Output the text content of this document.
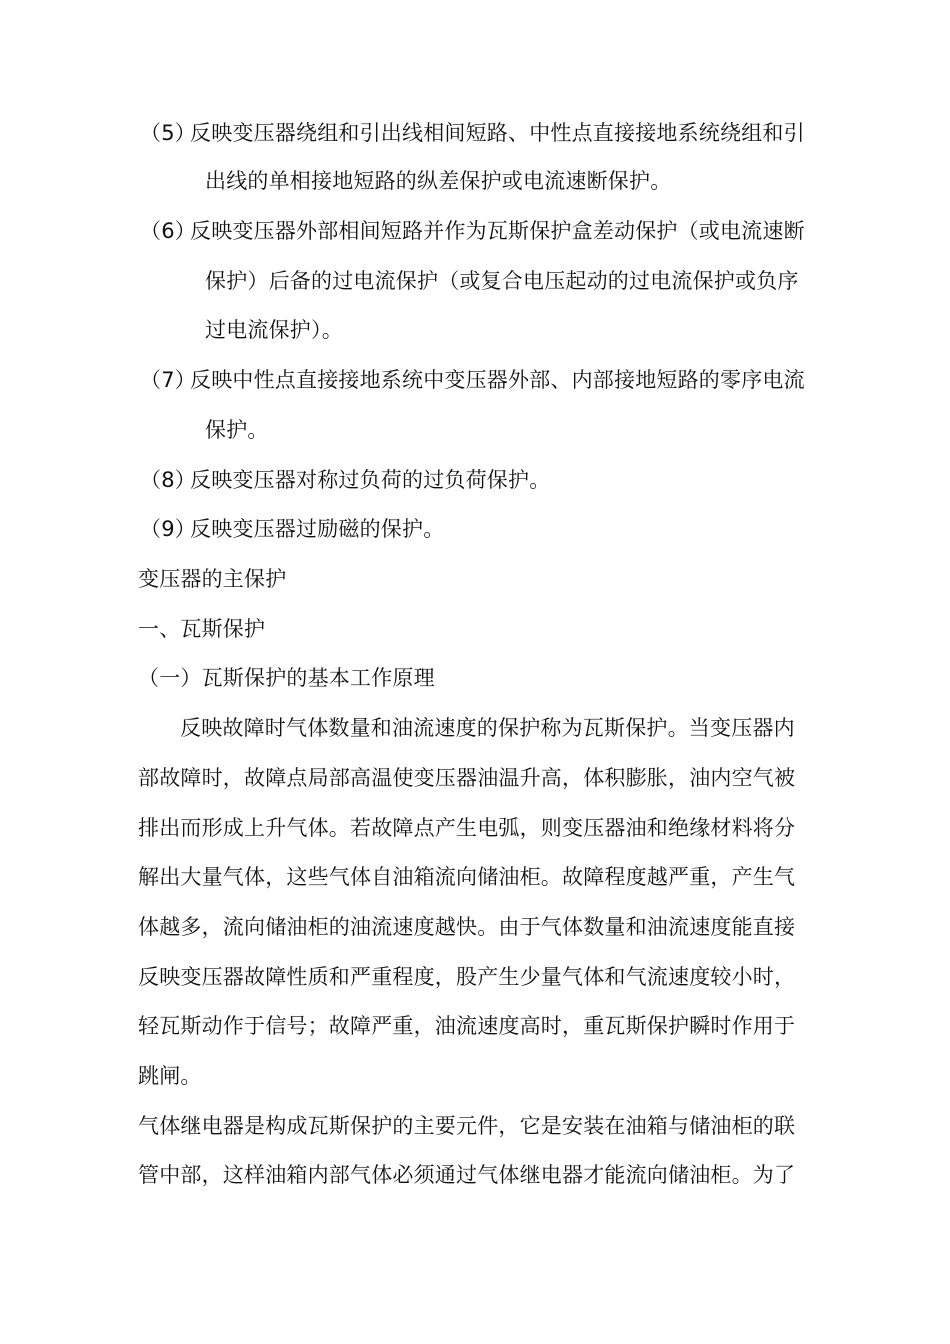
（5）反映变压器绕组和引出线相间短路、中性点直接接地系统绕组和引
出线的单相接地短路的纵差保护或电流速断保护。
（6）反映变压器外部相间短路并作为瓦斯保护盒差动保护（或电流速断
保护）后备的过电流保护（或复合电压起动的过电流保护或负序
过电流保护）。
（7）反映中性点直接接地系统中变压器外部、内部接地短路的零序电流
保护。
（8）反映变压器对称过负荷的过负荷保护。
（9）反映变压器过励磁的保护。
变压器的主保护
一、瓦斯保护
（一）瓦斯保护的基本工作原理
反映故障时气体数量和油流速度的保护称为瓦斯保护。当变压器内
部故障时，故障点局部高温使变压器油温升高，体积膨胀，油内空气被
排出而形成上升气体。若故障点产生电弧，则变压器油和绝缘材料将分
解出大量气体，这些气体自油箱流向储油柜。故障程度越严重，产生气
体越多，流向储油柜的油流速度越快。由于气体数量和油流速度能直接
反映变压器故障性质和严重程度，股产生少量气体和气流速度较小时，
轻瓦斯动作于信号；故障严重，油流速度高时，重瓦斯保护瞬时作用于
跳闸。
气体继电器是构成瓦斯保护的主要元件，它是安装在油箱与储油柜的联
管中部，这样油箱内部气体必须通过气体继电器才能流向储油柜。为了
